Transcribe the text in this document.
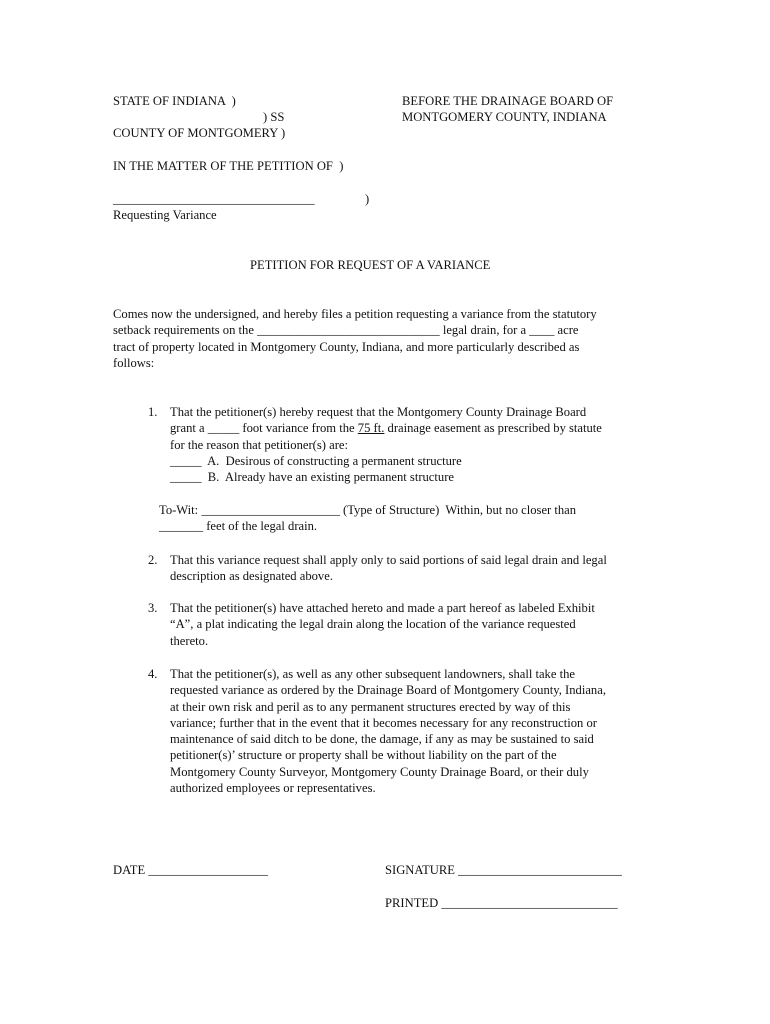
STATE OF INDIANA  )
) SS
COUNTY OF MONTGOMERY )
BEFORE THE DRAINAGE BOARD OF
MONTGOMERY COUNTY, INDIANA
IN THE MATTER OF THE PETITION OF  )
________________________________	)
Requesting Variance
PETITION FOR REQUEST OF A VARIANCE
Comes now the undersigned, and hereby files a petition requesting a variance from the statutory
setback requirements on the _____________________________ legal drain, for a ____ acre
tract of property located in Montgomery County, Indiana, and more particularly described as
follows:
1. That the petitioner(s) hereby request that the Montgomery County Drainage Board
grant a _____ foot variance from the 75 ft. drainage easement as prescribed by statute
for the reason that petitioner(s) are:
_____  A.  Desirous of constructing a permanent structure
_____  B.  Already have an existing permanent structure
To-Wit: ______________________ (Type of Structure)  Within, but no closer than
_______ feet of the legal drain.
2. That this variance request shall apply only to said portions of said legal drain and legal
description as designated above.
3. That the petitioner(s) have attached hereto and made a part hereof as labeled Exhibit
“A”, a plat indicating the legal drain along the location of the variance requested
thereto.
4. That the petitioner(s), as well as any other subsequent landowners, shall take the
requested variance as ordered by the Drainage Board of Montgomery County, Indiana,
at their own risk and peril as to any permanent structures erected by way of this
variance; further that in the event that it becomes necessary for any reconstruction or
maintenance of said ditch to be done, the damage, if any as may be sustained to said
petitioner(s)’ structure or property shall be without liability on the part of the
Montgomery County Surveyor, Montgomery County Drainage Board, or their duly
authorized employees or representatives.
DATE ___________________	SIGNATURE __________________________
PRINTED ____________________________
